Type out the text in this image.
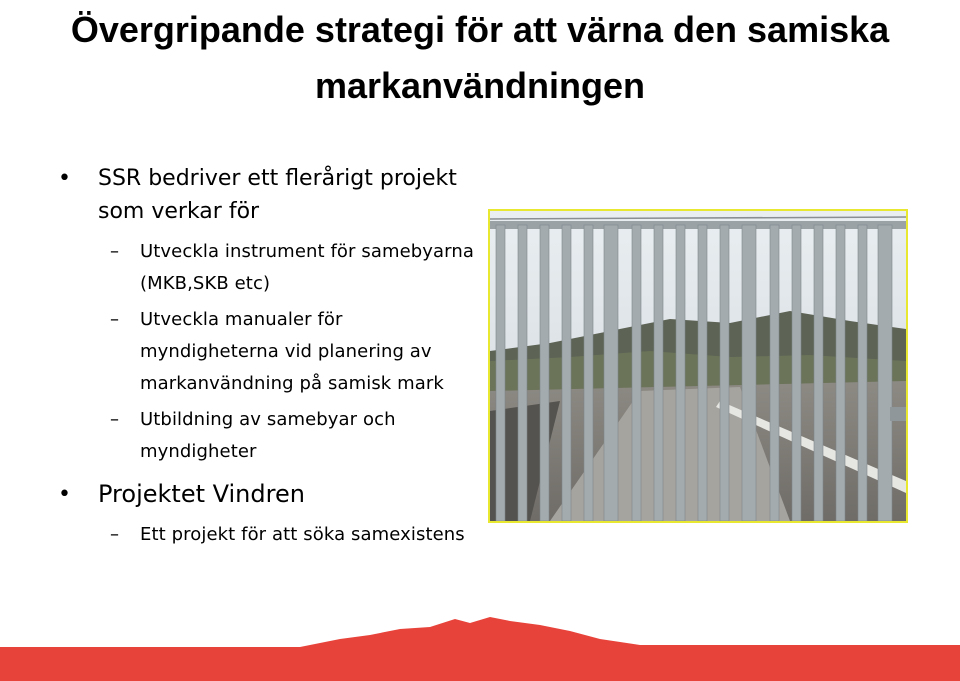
Övergripande strategi för att värna den samiska markanvändningen
• SSR bedriver ett flerårigt projekt som verkar för
– Utveckla instrument för samebyarna (MKB,SKB etc)
– Utveckla manualer för myndigheterna vid planering av markanvändning på samisk mark
– Utbildning av samebyar och myndigheter
• Projektet Vindren
– Ett projekt för att söka samexistens
